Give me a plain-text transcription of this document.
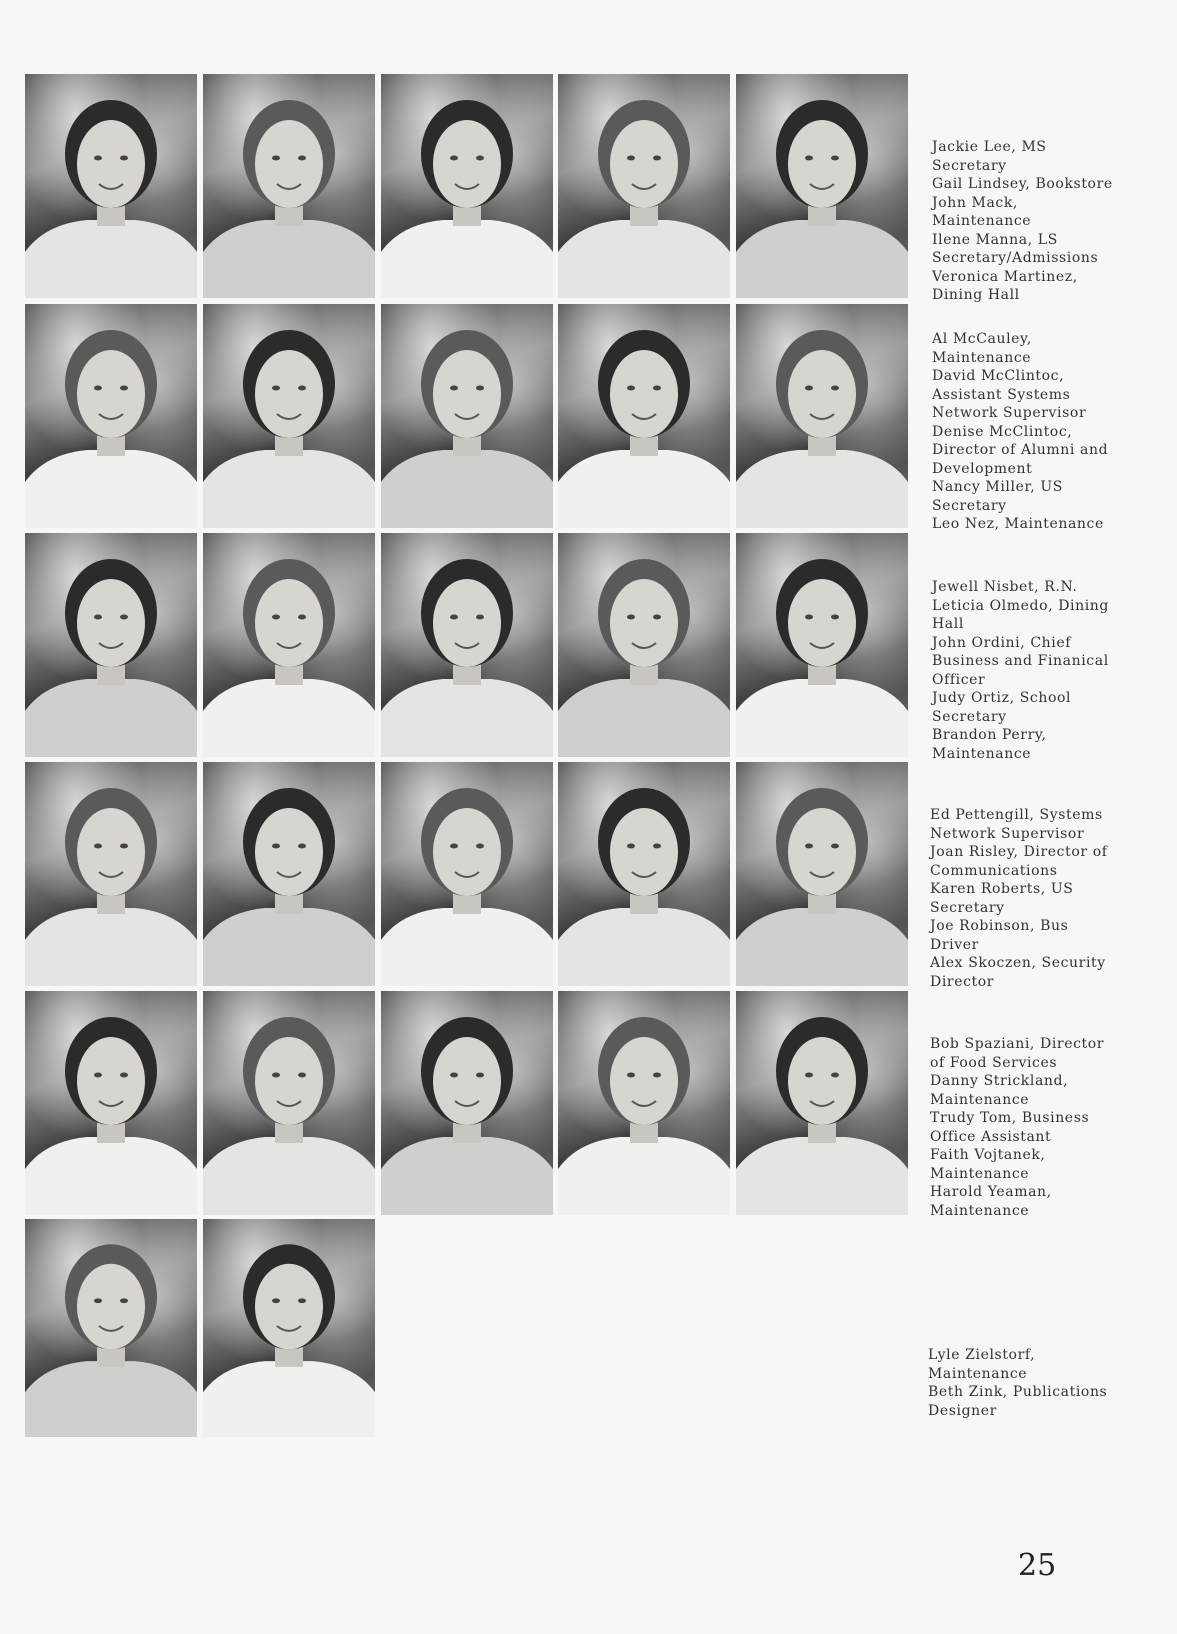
Jackie Lee, MS
Secretary
Gail Lindsey, Bookstore
John Mack,
Maintenance
Ilene Manna, LS
Secretary/Admissions
Veronica Martinez,
Dining Hall
Al McCauley,
Maintenance
David McClintoc,
Assistant Systems
Network Supervisor
Denise McClintoc,
Director of Alumni and
Development
Nancy Miller, US
Secretary
Leo Nez, Maintenance
Jewell Nisbet, R.N.
Leticia Olmedo, Dining
Hall
John Ordini, Chief
Business and Finanical
Officer
Judy Ortiz, School
Secretary
Brandon Perry,
Maintenance
Ed Pettengill, Systems
Network Supervisor
Joan Risley, Director of
Communications
Karen Roberts, US
Secretary
Joe Robinson, Bus
Driver
Alex Skoczen, Security
Director
Bob Spaziani, Director
of Food Services
Danny Strickland,
Maintenance
Trudy Tom, Business
Office Assistant
Faith Vojtanek,
Maintenance
Harold Yeaman,
Maintenance
Lyle Zielstorf,
Maintenance
Beth Zink, Publications
Designer
25
